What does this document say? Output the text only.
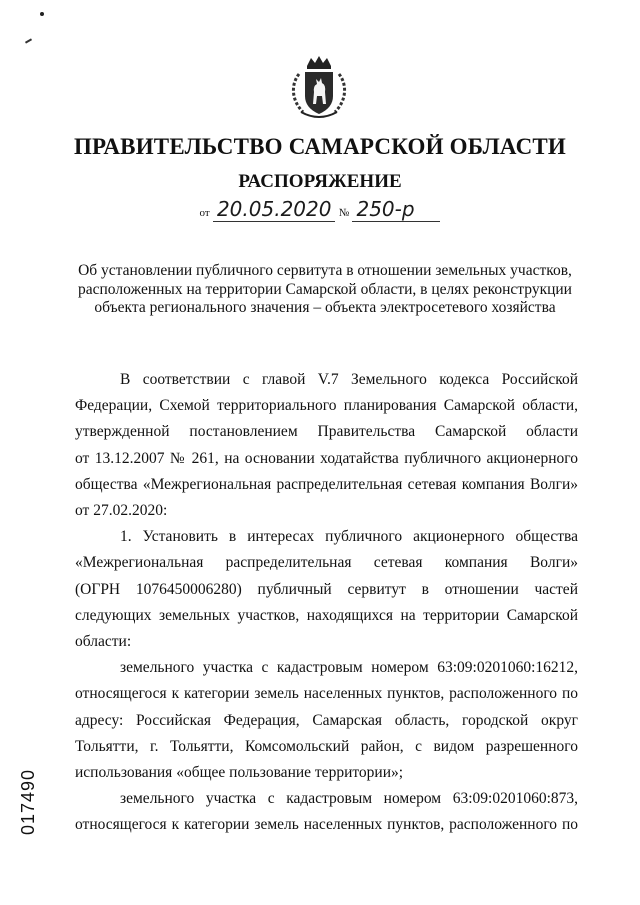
ПРАВИТЕЛЬСТВО САМАРСКОЙ ОБЛАСТИ
РАСПОРЯЖЕНИЕ
от 20.05.2020 № 250-р
Об установлении публичного сервитута в отношении земельных участков,
расположенных на территории Самарской области, в целях реконструкции
объекта регионального значения – объекта электросетевого хозяйства
В соответствии с главой V.7 Земельного кодекса Российской
Федерации, Схемой территориального планирования Самарской области,
утвержденной постановлением Правительства Самарской области
от 13.12.2007 № 261, на основании ходатайства публичного акционерного
общества «Межрегиональная распределительная сетевая компания Волги»
от 27.02.2020:
1. Установить в интересах публичного акционерного общества
«Межрегиональная распределительная сетевая компания Волги»
(ОГРН 1076450006280) публичный сервитут в отношении частей
следующих земельных участков, находящихся на территории Самарской
области:
земельного участка с кадастровым номером 63:09:0201060:16212,
относящегося к категории земель населенных пунктов, расположенного по
адресу: Российская Федерация, Самарская область, городской округ
Тольятти, г. Тольятти, Комсомольский район, с видом разрешенного
использования «общее пользование территории»;
земельного участка с кадастровым номером 63:09:0201060:873,
относящегося к категории земель населенных пунктов, расположенного по
017490
